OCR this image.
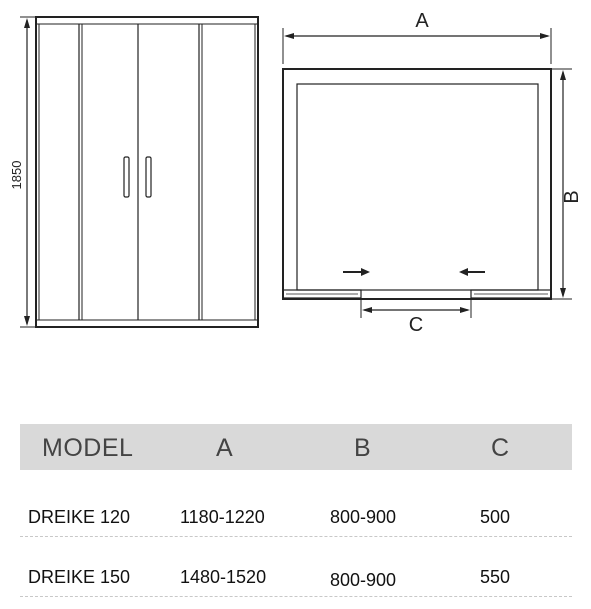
1850
A
B
C
MODEL	A	B	C
DREIKE 120	1180-1220	800-900	500
DREIKE 150	1480-1520	800-900	550
